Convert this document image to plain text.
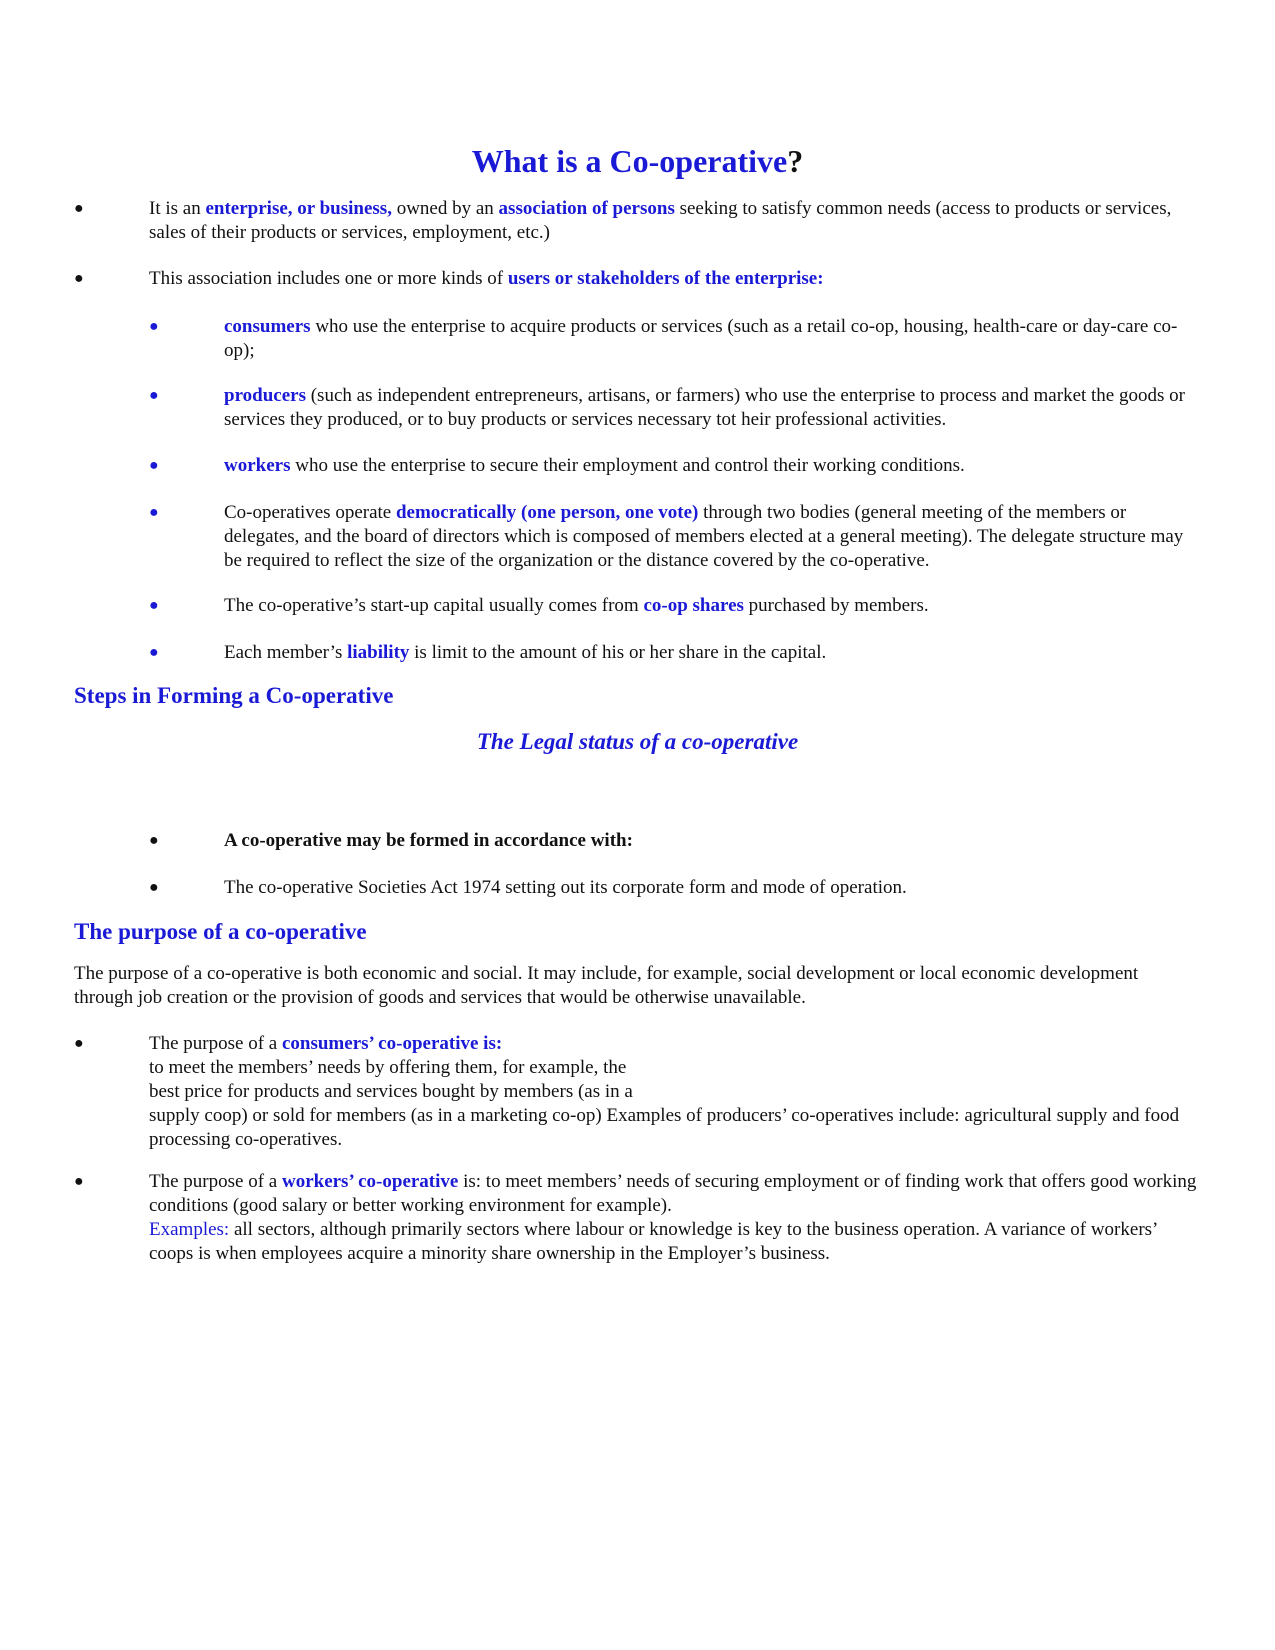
What is a Co-operative?
●	It is an enterprise, or business, owned by an association of persons seeking to satisfy common needs (access to products or services, sales of their products or services, employment, etc.)
●	This association includes one or more kinds of users or stakeholders of the enterprise:
●	consumers who use the enterprise to acquire products or services (such as a retail co-op, housing, health-care or day-care co-op);
●	producers (such as independent entrepreneurs, artisans, or farmers) who use the enterprise to process and market the goods or services they produced, or to buy products or services necessary tot heir professional activities.
●	workers who use the enterprise to secure their employment and control their working conditions.
●	Co-operatives operate democratically (one person, one vote) through two bodies (general meeting of the members or delegates, and the board of directors which is composed of members elected at a general meeting). The delegate structure may be required to reflect the size of the organization or the distance covered by the co-operative.
●	The co-operative’s start-up capital usually comes from co-op shares purchased by members.
●	Each member’s liability is limit to the amount of his or her share in the capital.
Steps in Forming a Co-operative
The Legal status of a co-operative
●	A co-operative may be formed in accordance with:
●	The co-operative Societies Act 1974 setting out its corporate form and mode of operation.
The purpose of a co-operative
The purpose of a co-operative is both economic and social. It may include, for example, social development or local economic development through job creation or the provision of goods and services that would be otherwise unavailable.
●	The purpose of a consumers’ co-operative is:
to meet the members’ needs by offering them, for example, the
best price for products and services bought by members (as in a
supply coop) or sold for members (as in a marketing co-op) Examples of producers’ co-operatives include: agricultural supply and food processing co-operatives.
●	The purpose of a workers’ co-operative is: to meet members’ needs of securing employment or of finding work that offers good working conditions (good salary or better working environment for example).
Examples: all sectors, although primarily sectors where labour or knowledge is key to the business operation. A variance of workers’ coops is when employees acquire a minority share ownership in the Employer’s business.
